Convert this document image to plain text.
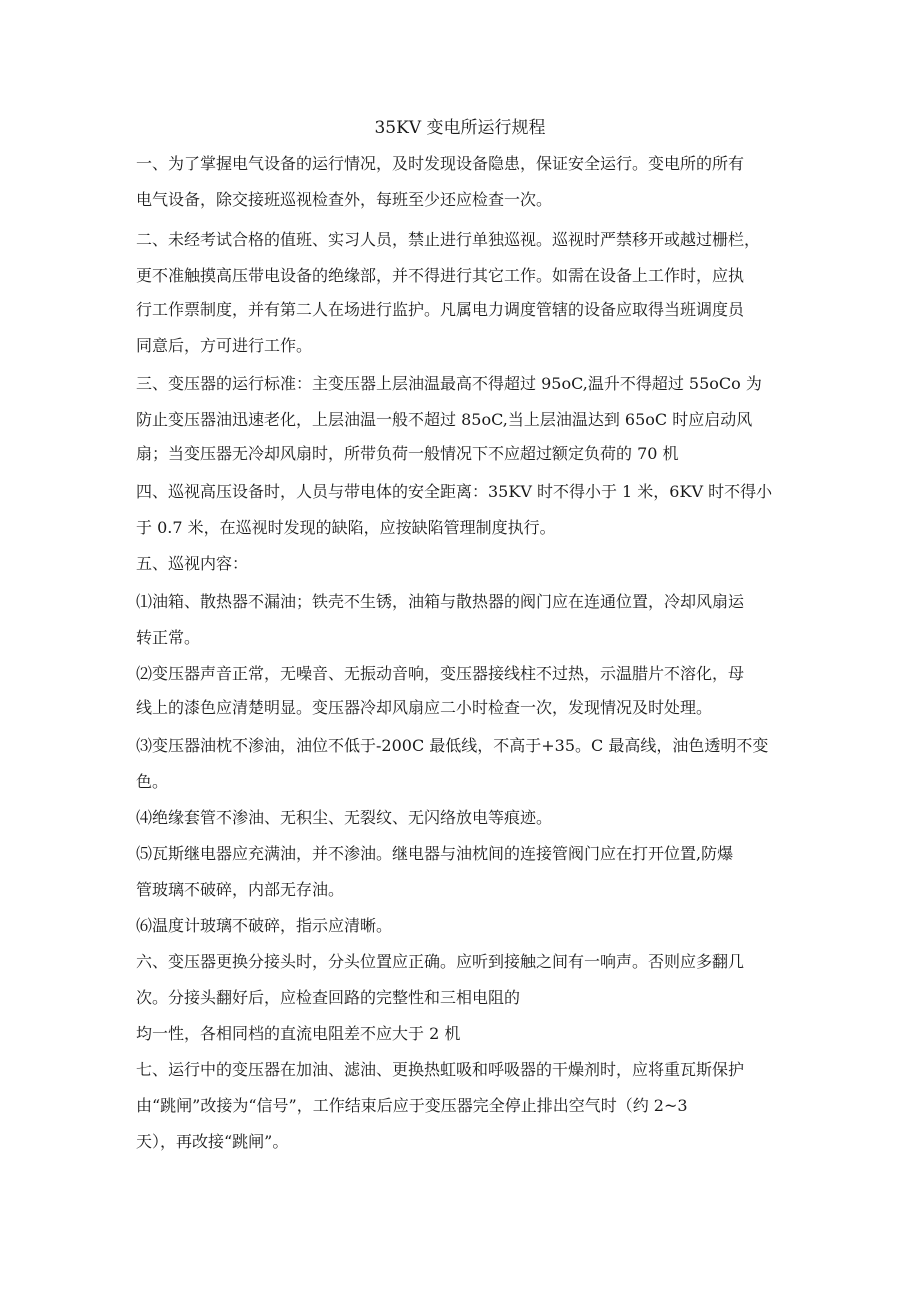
35KV 变电所运行规程
一、为了掌握电气设备的运行情况，及时发现设备隐患，保证安全运行。变电所的所有
电气设备，除交接班巡视检查外，每班至少还应检查一次。
二、未经考试合格的值班、实习人员，禁止进行单独巡视。巡视时严禁移开或越过栅栏，
更不准触摸高压带电设备的绝缘部，并不得进行其它工作。如需在设备上工作时，应执
行工作票制度，并有第二人在场进行监护。凡属电力调度管辖的设备应取得当班调度员
同意后，方可进行工作。
三、变压器的运行标准：主变压器上层油温最高不得超过 95oC,温升不得超过 55oCo 为
防止变压器油迅速老化，上层油温一般不超过 85oC,当上层油温达到 65oC 时应启动风
扇；当变压器无冷却风扇时，所带负荷一般情况下不应超过额定负荷的 70 机
四、巡视高压设备时，人员与带电体的安全距离：35KV 时不得小于 1 米，6KV 时不得小
于 0.7 米，在巡视时发现的缺陷，应按缺陷管理制度执行。
五、巡视内容：
⑴油箱、散热器不漏油；铁壳不生锈，油箱与散热器的阀门应在连通位置，冷却风扇运
转正常。
⑵变压器声音正常，无噪音、无振动音响，变压器接线柱不过热，示温腊片不溶化，母
线上的漆色应清楚明显。变压器冷却风扇应二小时检查一次，发现情况及时处理。
⑶变压器油枕不渗油，油位不低于-200C 最低线，不高于+35。C 最高线，油色透明不变
色。
⑷绝缘套管不渗油、无积尘、无裂纹、无闪络放电等痕迹。
⑸瓦斯继电器应充满油，并不渗油。继电器与油枕间的连接管阀门应在打开位置,防爆
管玻璃不破碎，内部无存油。
⑹温度计玻璃不破碎，指示应清晰。
六、变压器更换分接头时，分头位置应正确。应听到接触之间有一响声。否则应多翻几
次。分接头翻好后，应检查回路的完整性和三相电阻的
均一性，各相同档的直流电阻差不应大于 2 机
七、运行中的变压器在加油、滤油、更换热虹吸和呼吸器的干燥剂时，应将重瓦斯保护
由“跳闸”改接为“信号”，工作结束后应于变压器完全停止排出空气时（约 2~3
天），再改接“跳闸”。
